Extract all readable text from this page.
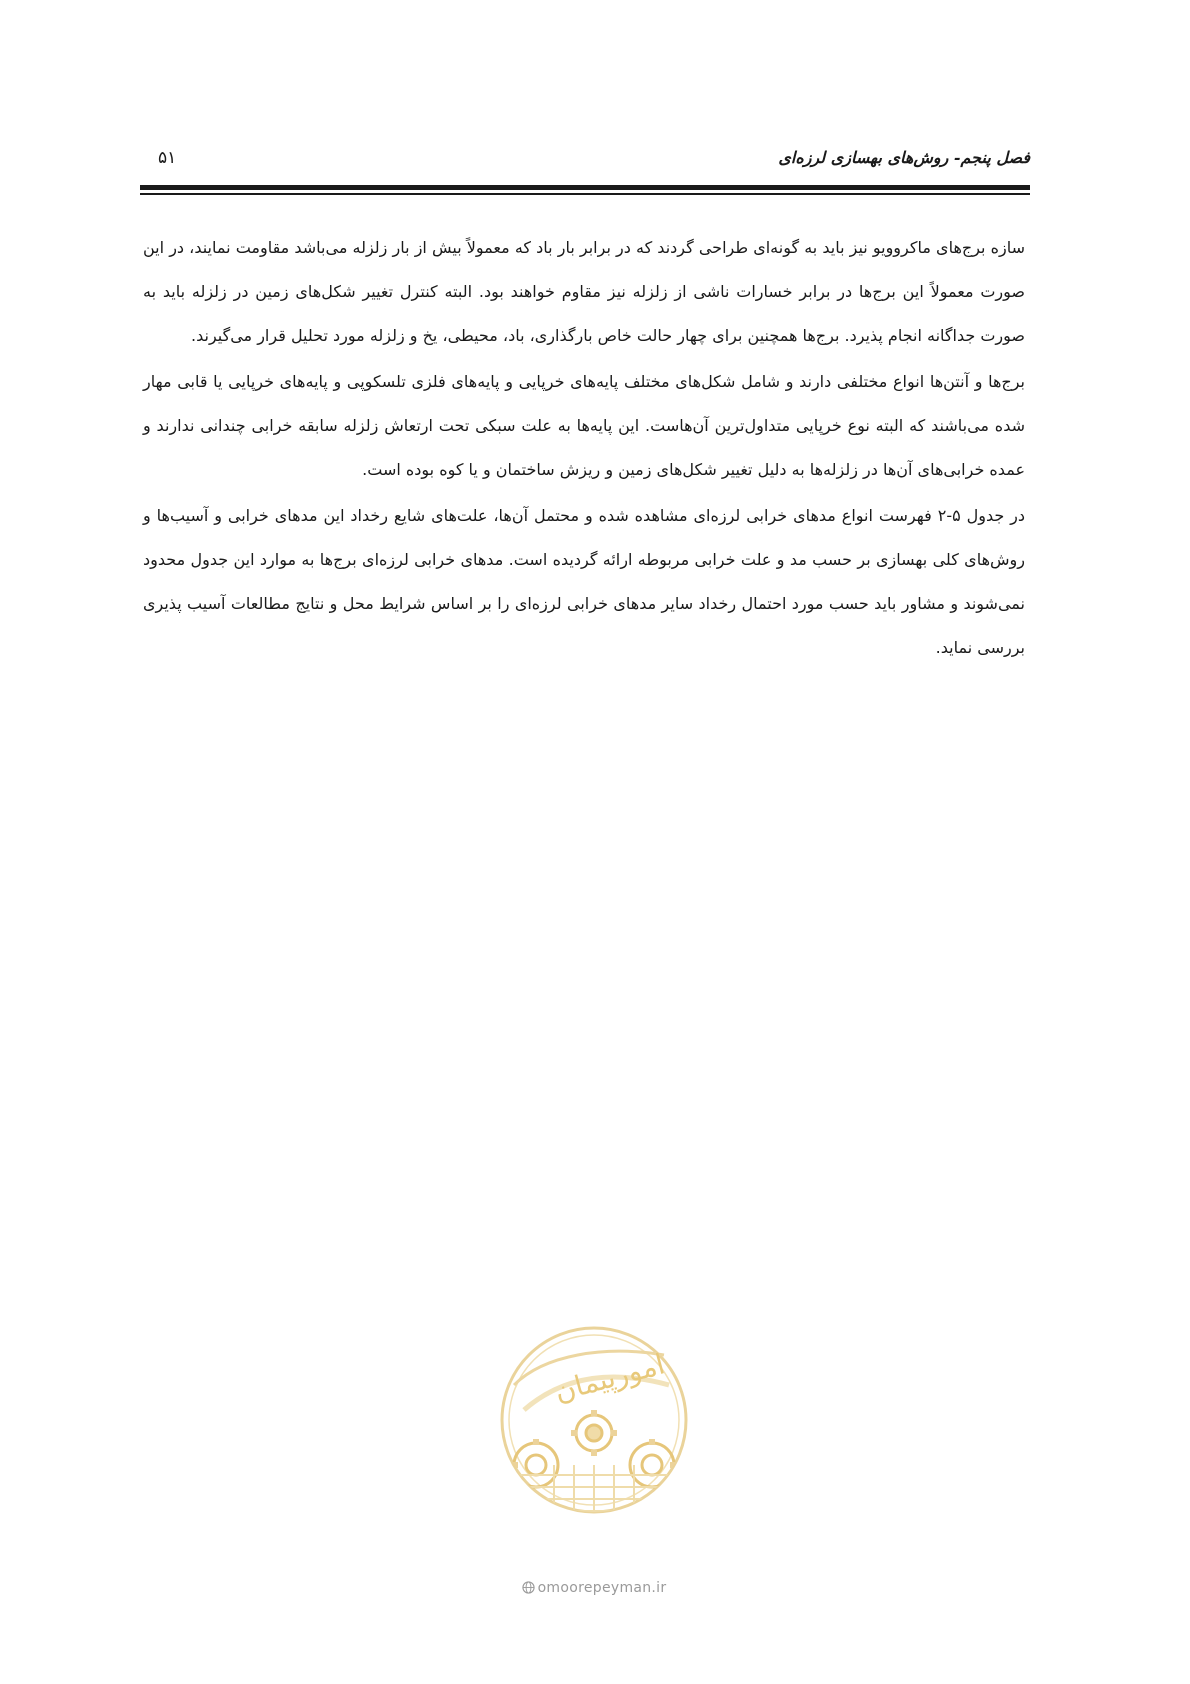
فصل پنجم- روش‌های بهسازی لرزه‌ای
۵۱

سازه برج‌های ماکروویو نیز باید به گونه‌ای طراحی گردند که در برابر بار باد که معمولاً بیش از بار زلزله می‌باشد مقاومت نمایند، در این صورت معمولاً این برج‌ها در برابر خسارات ناشی از زلزله نیز مقاوم خواهند بود. البته کنترل تغییر شکل‌های زمین در زلزله باید به صورت جداگانه انجام پذیرد. برج‌ها همچنین برای چهار حالت خاص بارگذاری، باد، محیطی، یخ و زلزله مورد تحلیل قرار می‌گیرند.

برج‌ها و آنتن‌ها انواع مختلفی دارند و شامل شکل‌های مختلف پایه‌های خرپایی و پایه‌های فلزی تلسکوپی و پایه‌های خرپایی یا قابی مهار شده می‌باشند که البته نوع خرپایی متداول‌ترین آن‌هاست. این پایه‌ها به علت سبکی تحت ارتعاش زلزله سابقه خرابی چندانی ندارند و عمده خرابی‌های آن‌ها در زلزله‌ها به دلیل تغییر شکل‌های زمین و ریزش ساختمان و یا کوه بوده است.

در جدول ۵-۲ فهرست انواع مدهای خرابی لرزه‌ای مشاهده شده و محتمل آن‌ها، علت‌های شایع رخداد این مدهای خرابی و آسیب‌ها و روش‌های کلی بهسازی بر حسب مد و علت خرابی مربوطه ارائه گردیده است. مدهای خرابی لرزه‌ای برج‌ها به موارد این جدول محدود نمی‌شوند و مشاور باید حسب مورد احتمال رخداد سایر مدهای خرابی لرزه‌ای را بر اساس شرایط محل و نتایج مطالعات آسیب پذیری بررسی نماید.

امورپیمان
omoorepeyman.ir
